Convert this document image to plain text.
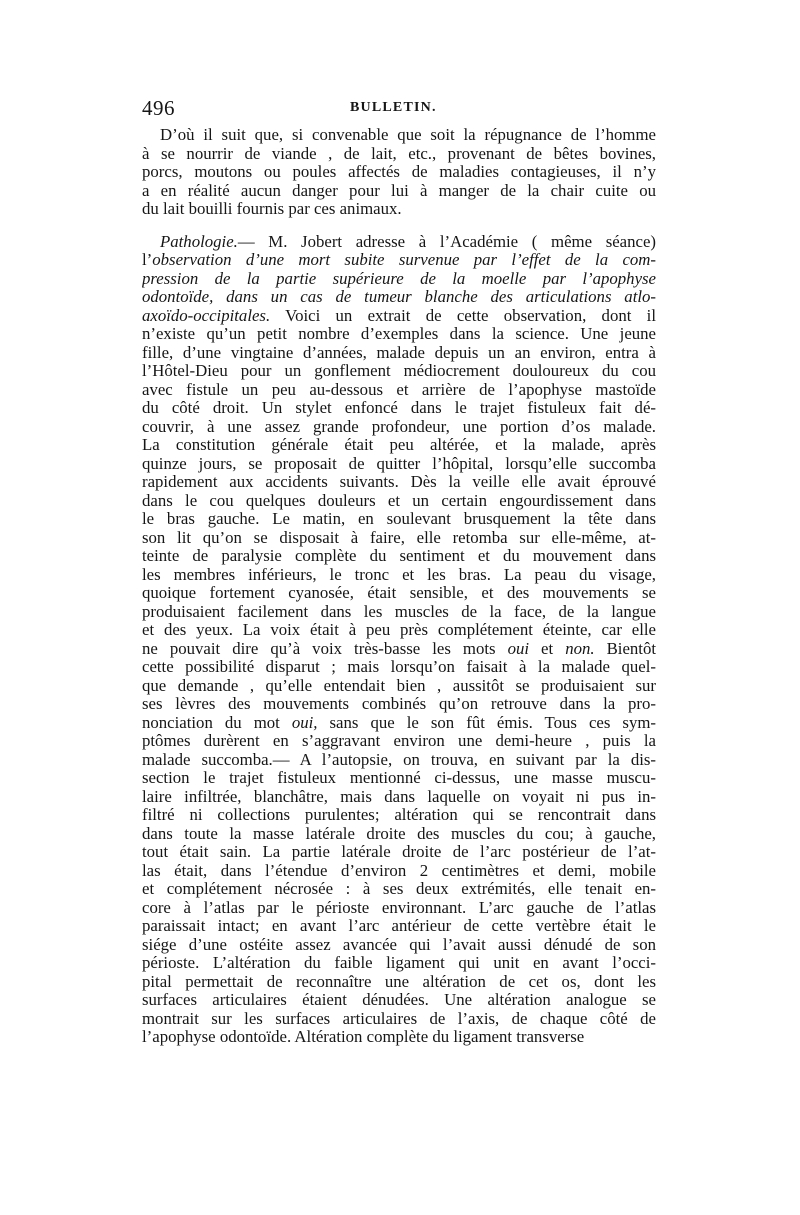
496	BULLETIN.
D’où il suit que, si convenable que soit la répugnance de l’homme
à se nourrir de viande , de lait, etc., provenant de bêtes bovines,
porcs, moutons ou poules affectés de maladies contagieuses, il n’y
a en réalité aucun danger pour lui à manger de la chair cuite ou
du lait bouilli fournis par ces animaux.
Pathologie.— M. Jobert adresse à l’Académie ( même séance)
l’observation d’une mort subite survenue par l’effet de la com-
pression de la partie supérieure de la moelle par l’apophyse
odontoïde, dans un cas de tumeur blanche des articulations atlo-
axoïdo-occipitales. Voici un extrait de cette observation, dont il
n’existe qu’un petit nombre d’exemples dans la science. Une jeune
fille, d’une vingtaine d’années, malade depuis un an environ, entra à
l’Hôtel-Dieu pour un gonflement médiocrement douloureux du cou
avec fistule un peu au-dessous et arrière de l’apophyse mastoïde
du côté droit. Un stylet enfoncé dans le trajet fistuleux fait dé-
couvrir, à une assez grande profondeur, une portion d’os malade.
La constitution générale était peu altérée, et la malade, après
quinze jours, se proposait de quitter l’hôpital, lorsqu’elle succomba
rapidement aux accidents suivants. Dès la veille elle avait éprouvé
dans le cou quelques douleurs et un certain engourdissement dans
le bras gauche. Le matin, en soulevant brusquement la tête dans
son lit qu’on se disposait à faire, elle retomba sur elle-même, at-
teinte de paralysie complète du sentiment et du mouvement dans
les membres inférieurs, le tronc et les bras. La peau du visage,
quoique fortement cyanosée, était sensible, et des mouvements se
produisaient facilement dans les muscles de la face, de la langue
et des yeux. La voix était à peu près complétement éteinte, car elle
ne pouvait dire qu’à voix très-basse les mots oui et non. Bientôt
cette possibilité disparut ; mais lorsqu’on faisait à la malade quel-
que demande , qu’elle entendait bien , aussitôt se produisaient sur
ses lèvres des mouvements combinés qu’on retrouve dans la pro-
nonciation du mot oui, sans que le son fût émis. Tous ces sym-
ptômes durèrent en s’aggravant environ une demi-heure , puis la
malade succomba.— A l’autopsie, on trouva, en suivant par la dis-
section le trajet fistuleux mentionné ci-dessus, une masse muscu-
laire infiltrée, blanchâtre, mais dans laquelle on voyait ni pus in-
filtré ni collections purulentes; altération qui se rencontrait dans
dans toute la masse latérale droite des muscles du cou; à gauche,
tout était sain. La partie latérale droite de l’arc postérieur de l’at-
las était, dans l’étendue d’environ 2 centimètres et demi, mobile
et complétement nécrosée : à ses deux extrémités, elle tenait en-
core à l’atlas par le périoste environnant. L’arc gauche de l’atlas
paraissait intact; en avant l’arc antérieur de cette vertèbre était le
siége d’une ostéite assez avancée qui l’avait aussi dénudé de son
périoste. L’altération du faible ligament qui unit en avant l’occi-
pital permettait de reconnaître une altération de cet os, dont les
surfaces articulaires étaient dénudées. Une altération analogue se
montrait sur les surfaces articulaires de l’axis, de chaque côté de
l’apophyse odontoïde. Altération complète du ligament transverse
